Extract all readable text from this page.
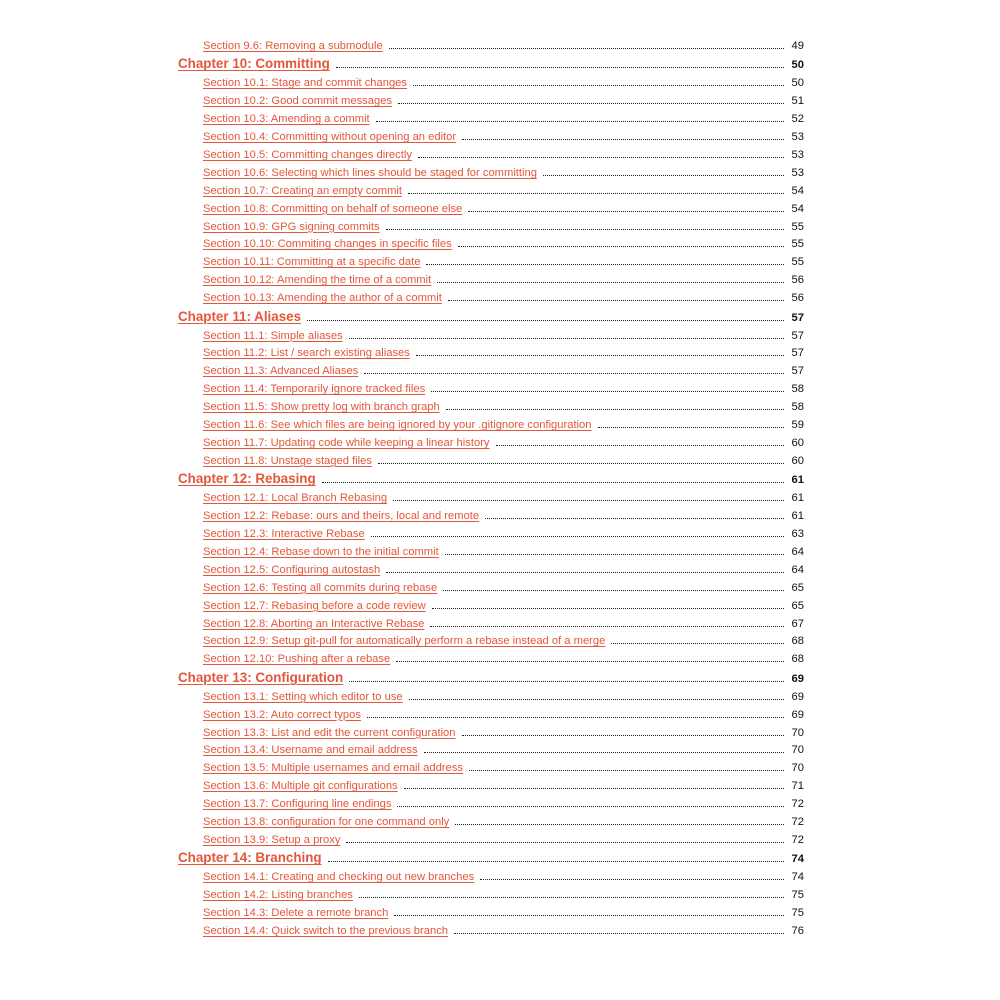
Section 9.6: Removing a submodule	49
Chapter 10: Committing	50
Section 10.1: Stage and commit changes	50
Section 10.2: Good commit messages	51
Section 10.3: Amending a commit	52
Section 10.4: Committing without opening an editor	53
Section 10.5: Committing changes directly	53
Section 10.6: Selecting which lines should be staged for committing	53
Section 10.7: Creating an empty commit	54
Section 10.8: Committing on behalf of someone else	54
Section 10.9: GPG signing commits	55
Section 10.10: Commiting changes in specific files	55
Section 10.11: Committing at a specific date	55
Section 10.12: Amending the time of a commit	56
Section 10.13: Amending the author of a commit	56
Chapter 11: Aliases	57
Section 11.1: Simple aliases	57
Section 11.2: List / search existing aliases	57
Section 11.3: Advanced Aliases	57
Section 11.4: Temporarily ignore tracked files	58
Section 11.5: Show pretty log with branch graph	58
Section 11.6: See which files are being ignored by your .gitignore configuration	59
Section 11.7: Updating code while keeping a linear history	60
Section 11.8: Unstage staged files	60
Chapter 12: Rebasing	61
Section 12.1: Local Branch Rebasing	61
Section 12.2: Rebase: ours and theirs, local and remote	61
Section 12.3: Interactive Rebase	63
Section 12.4: Rebase down to the initial commit	64
Section 12.5: Configuring autostash	64
Section 12.6: Testing all commits during rebase	65
Section 12.7: Rebasing before a code review	65
Section 12.8: Aborting an Interactive Rebase	67
Section 12.9: Setup git-pull for automatically perform a rebase instead of a merge	68
Section 12.10: Pushing after a rebase	68
Chapter 13: Configuration	69
Section 13.1: Setting which editor to use	69
Section 13.2: Auto correct typos	69
Section 13.3: List and edit the current configuration	70
Section 13.4: Username and email address	70
Section 13.5: Multiple usernames and email address	70
Section 13.6: Multiple git configurations	71
Section 13.7: Configuring line endings	72
Section 13.8: configuration for one command only	72
Section 13.9: Setup a proxy	72
Chapter 14: Branching	74
Section 14.1: Creating and checking out new branches	74
Section 14.2: Listing branches	75
Section 14.3: Delete a remote branch	75
Section 14.4: Quick switch to the previous branch	76
